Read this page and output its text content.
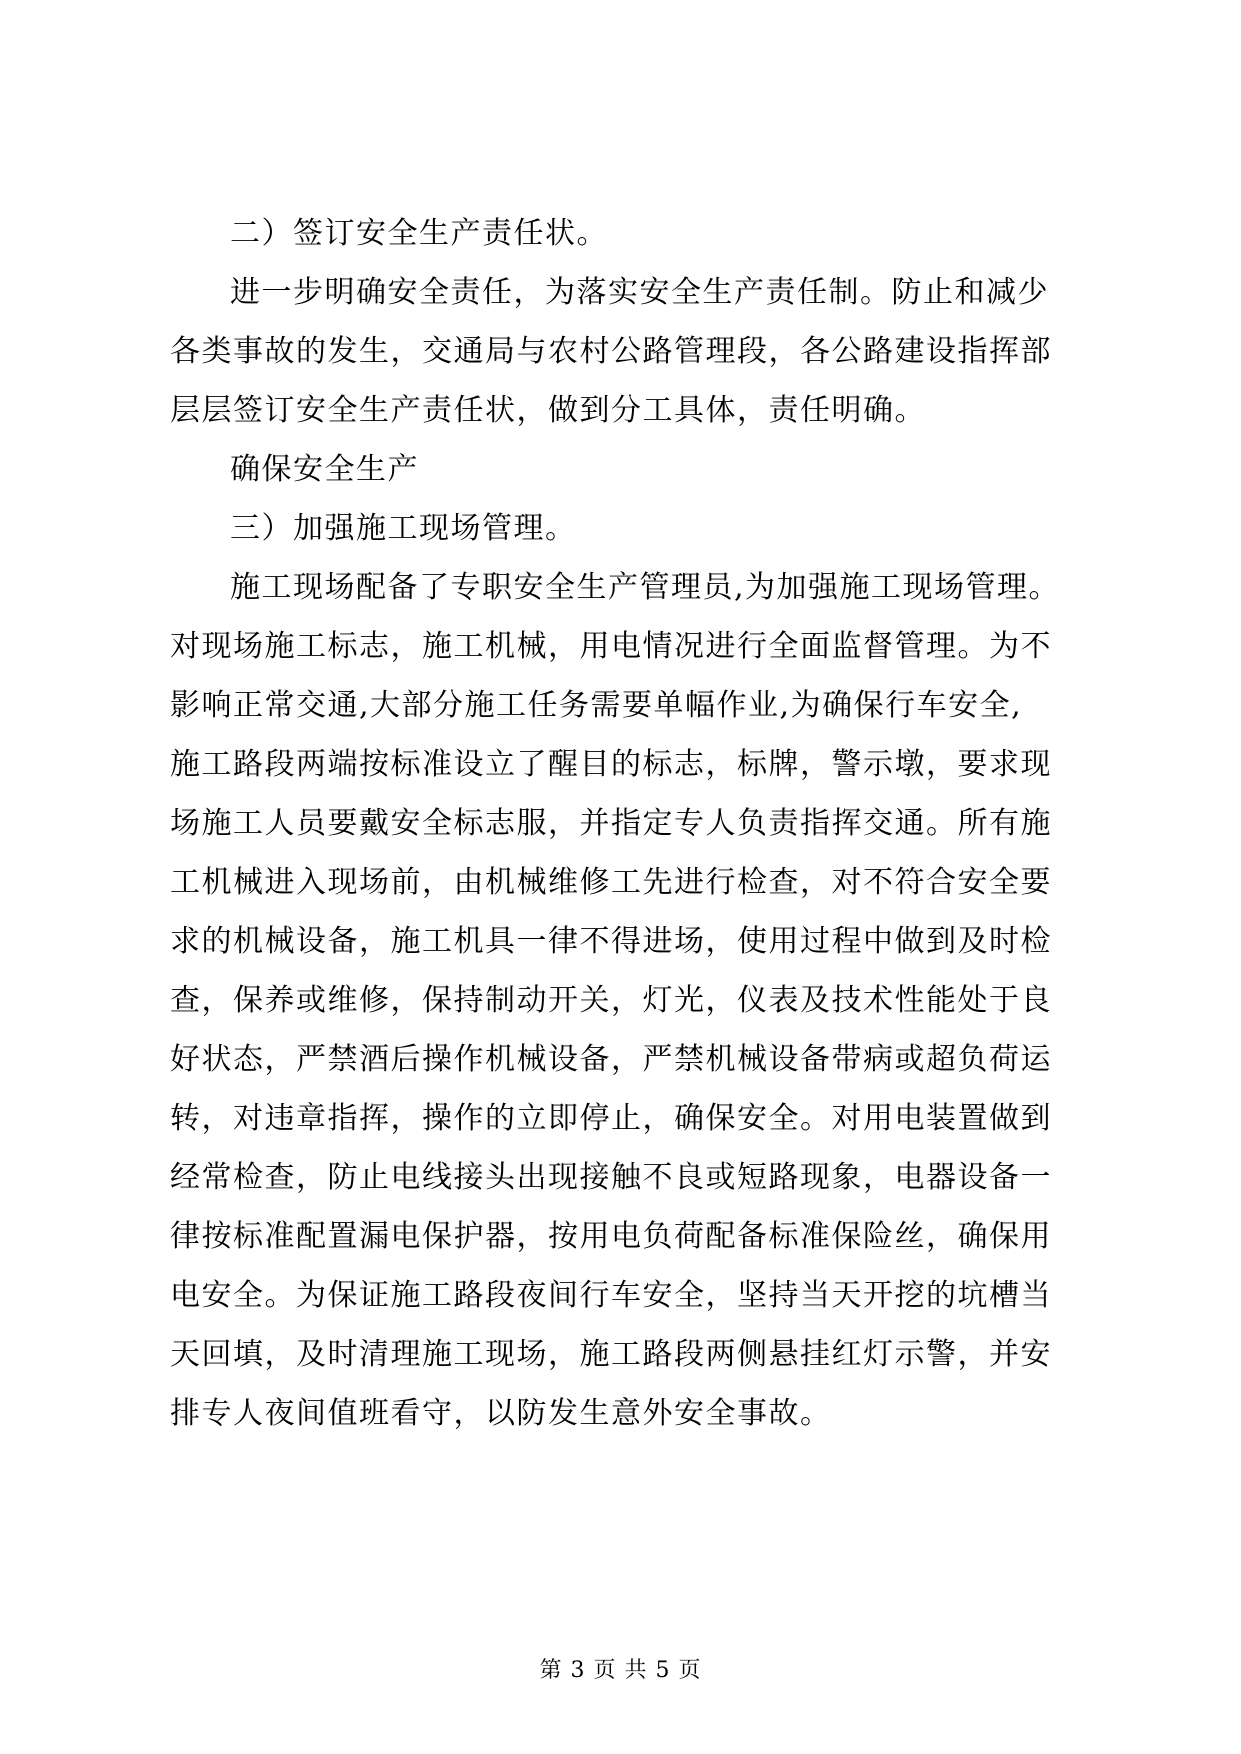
二）签订安全生产责任状。
进一步明确安全责任，为落实安全生产责任制。防止和减少
各类事故的发生，交通局与农村公路管理段，各公路建设指挥部
层层签订安全生产责任状，做到分工具体，责任明确。
确保安全生产
三）加强施工现场管理。
施工现场配备了专职安全生产管理员,为加强施工现场管理。
对现场施工标志，施工机械，用电情况进行全面监督管理。为不
影响正常交通,大部分施工任务需要单幅作业,为确保行车安全,
施工路段两端按标准设立了醒目的标志，标牌，警示墩，要求现
场施工人员要戴安全标志服，并指定专人负责指挥交通。所有施
工机械进入现场前，由机械维修工先进行检查，对不符合安全要
求的机械设备，施工机具一律不得进场，使用过程中做到及时检
查，保养或维修，保持制动开关，灯光，仪表及技术性能处于良
好状态，严禁酒后操作机械设备，严禁机械设备带病或超负荷运
转，对违章指挥，操作的立即停止，确保安全。对用电装置做到
经常检查，防止电线接头出现接触不良或短路现象，电器设备一
律按标准配置漏电保护器，按用电负荷配备标准保险丝，确保用
电安全。为保证施工路段夜间行车安全，坚持当天开挖的坑槽当
天回填，及时清理施工现场，施工路段两侧悬挂红灯示警，并安
排专人夜间值班看守，以防发生意外安全事故。
第 3 页 共 5 页
